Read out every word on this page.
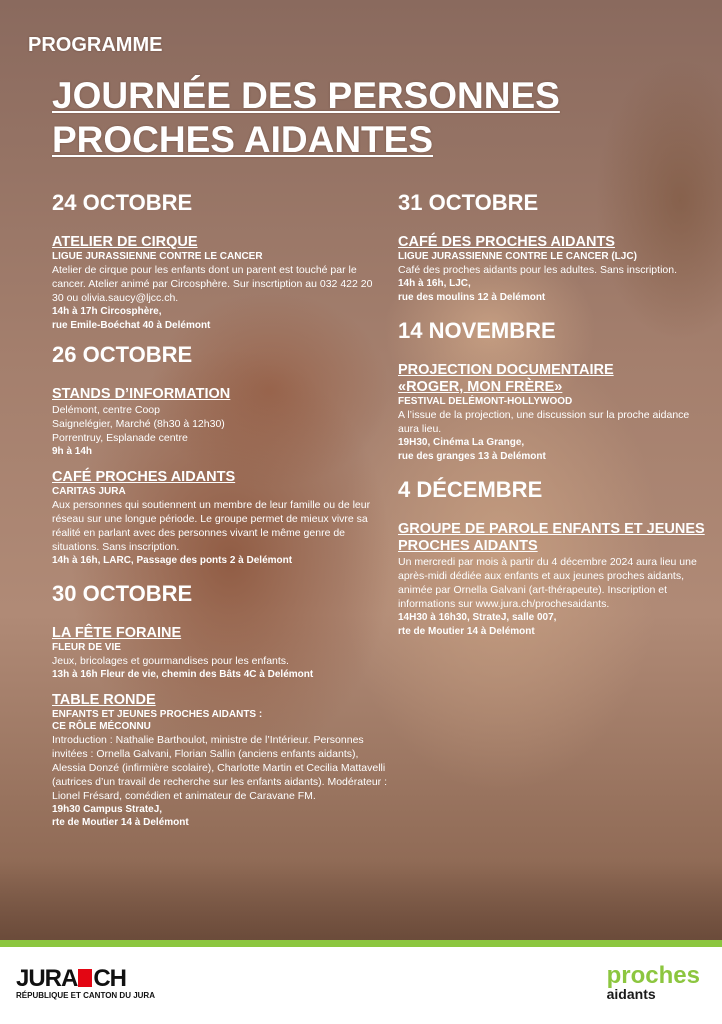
PROGRAMME
JOURNÉE DES PERSONNES
PROCHES AIDANTES
24 OCTOBRE
ATELIER DE CIRQUE
LIGUE JURASSIENNE CONTRE LE CANCER
Atelier de cirque pour les enfants dont un parent est touché par le cancer. Atelier animé par Circosphère. Sur inscrtiption au 032 422 20 30 ou olivia.saucy@ljcc.ch.
14h à 17h Circosphère,
rue Emile-Boéchat 40 à Delémont
26 OCTOBRE
STANDS D’INFORMATION
Delémont, centre Coop
Saignelégier, Marché (8h30 à 12h30)
Porrentruy, Esplanade centre
9h à 14h
CAFÉ PROCHES AIDANTS
CARITAS JURA
Aux personnes qui soutiennent un membre de leur famille ou de leur réseau sur une longue période. Le groupe permet de mieux vivre sa réalité en parlant avec des personnes vivant le même genre de situations. Sans inscription.
14h à 16h, LARC, Passage des ponts 2 à Delémont
30 OCTOBRE
LA FÊTE FORAINE
FLEUR DE VIE
Jeux, bricolages et gourmandises pour les enfants.
13h à 16h Fleur de vie, chemin des Bâts 4C à Delémont
TABLE RONDE
ENFANTS ET JEUNES PROCHES AIDANTS :
CE RÔLE MÉCONNU
Introduction : Nathalie Barthoulot, ministre de l’Intérieur. Personnes invitées : Ornella Galvani, Florian Sallin (anciens enfants aidants), Alessia Donzé (infirmière scolaire), Charlotte Martin et Cecilia Mattavelli (autrices d’un travail de recherche sur les enfants aidants). Modérateur : Lionel Frésard, comédien et animateur de Caravane FM.
19h30 Campus StrateJ,
rte de Moutier 14 à Delémont
31 OCTOBRE
CAFÉ DES PROCHES AIDANTS
LIGUE JURASSIENNE CONTRE LE CANCER (LJC)
Café des proches aidants pour les adultes. Sans inscription.
14h à 16h, LJC,
rue des moulins 12 à Delémont
14 NOVEMBRE
PROJECTION DOCUMENTAIRE
«ROGER, MON FRÈRE»
FESTIVAL DELÉMONT-HOLLYWOOD
A l’issue de la projection, une discussion sur la proche aidance aura lieu.
19H30, Cinéma La Grange,
rue des granges 13 à Delémont
4 DÉCEMBRE
GROUPE DE PAROLE ENFANTS ET JEUNES PROCHES AIDANTS
Un mercredi par mois à partir du 4 décembre 2024 aura lieu une après-midi dédiée aux enfants et aux jeunes proches aidants, animée par Ornella Galvani (art-thérapeute). Inscription et informations sur www.jura.ch/prochesaidants.
14H30 à 16h30, StrateJ, salle 007,
rte de Moutier 14 à Delémont
JURA CH
RÉPUBLIQUE ET CANTON DU JURA
proches
aidants
